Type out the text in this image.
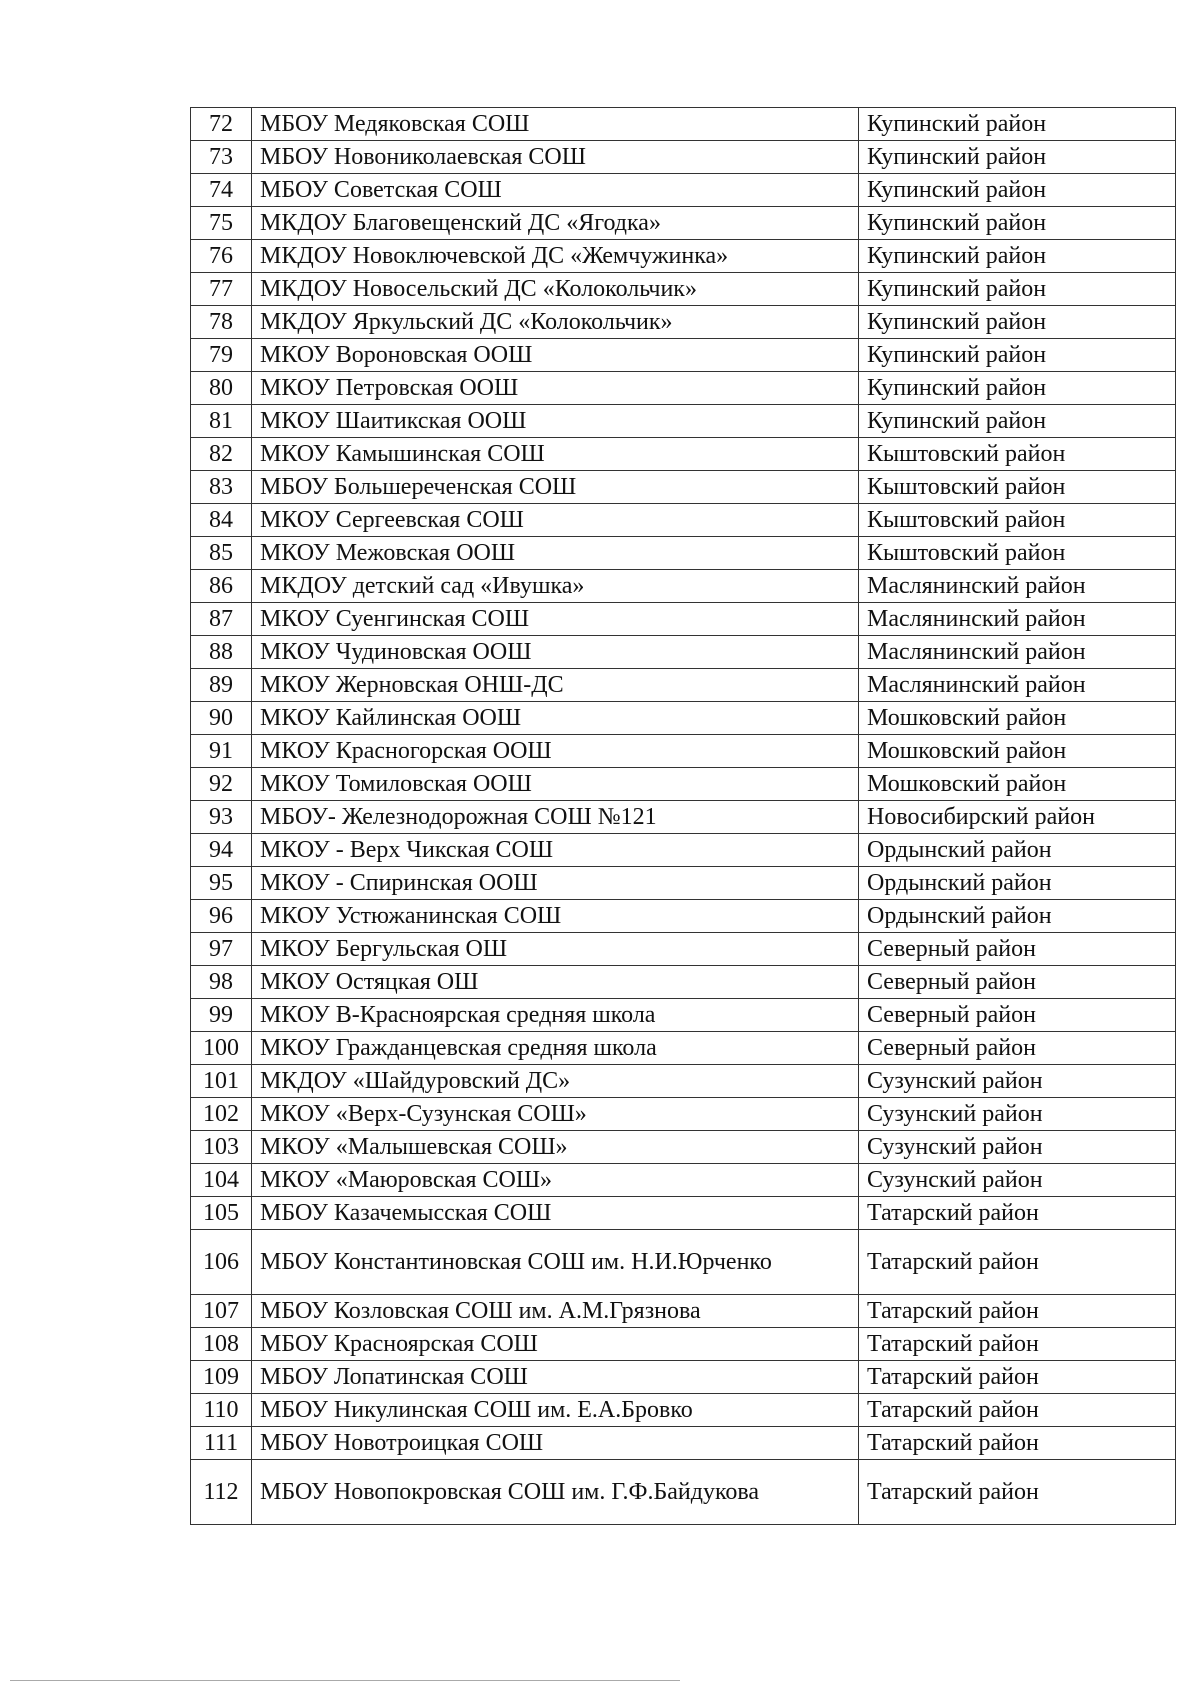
72	МБОУ Медяковская СОШ	Купинский район
73	МБОУ Новониколаевская СОШ	Купинский район
74	МБОУ Советская СОШ	Купинский район
75	МКДОУ Благовещенский ДС «Ягодка»	Купинский район
76	МКДОУ Новоключевской ДС «Жемчужинка»	Купинский район
77	МКДОУ Новосельский ДС «Колокольчик»	Купинский район
78	МКДОУ Яркульский ДС «Колокольчик»	Купинский район
79	МКОУ Вороновская ООШ	Купинский район
80	МКОУ Петровская ООШ	Купинский район
81	МКОУ Шаитикская ООШ	Купинский район
82	МКОУ Камышинская СОШ	Кыштовский район
83	МБОУ Большереченская СОШ	Кыштовский район
84	МКОУ Сергеевская СОШ	Кыштовский район
85	МКОУ Межовская ООШ	Кыштовский район
86	МКДОУ детский сад «Ивушка»	Маслянинский район
87	МКОУ Суенгинская СОШ	Маслянинский район
88	МКОУ Чудиновская ООШ	Маслянинский район
89	МКОУ Жерновская ОНШ-ДС	Маслянинский район
90	МКОУ Кайлинская ООШ	Мошковский район
91	МКОУ Красногорская ООШ	Мошковский район
92	МКОУ Томиловская ООШ	Мошковский район
93	МБОУ- Железнодорожная СОШ №121	Новосибирский район
94	МКОУ - Верх Чикская СОШ	Ордынский район
95	МКОУ - Спиринская ООШ	Ордынский район
96	МКОУ Устюжанинская СОШ	Ордынский район
97	МКОУ Бергульская ОШ	Северный район
98	МКОУ Остяцкая ОШ	Северный район
99	МКОУ В-Красноярская средняя школа	Северный район
100	МКОУ Гражданцевская средняя школа	Северный район
101	МКДОУ «Шайдуровский ДС»	Сузунский район
102	МКОУ «Верх-Сузунская СОШ»	Сузунский район
103	МКОУ «Малышевская СОШ»	Сузунский район
104	МКОУ «Маюровская СОШ»	Сузунский район
105	МБОУ Казачемысская СОШ	Татарский район
106	МБОУ Константиновская СОШ им. Н.И.Юрченко	Татарский район
107	МБОУ Козловская СОШ им. А.М.Грязнова	Татарский район
108	МБОУ Красноярская СОШ	Татарский район
109	МБОУ Лопатинская СОШ	Татарский район
110	МБОУ Никулинская СОШ им. Е.А.Бровко	Татарский район
111	МБОУ Новотроицкая СОШ	Татарский район
112	МБОУ Новопокровская СОШ им. Г.Ф.Байдукова	Татарский район
